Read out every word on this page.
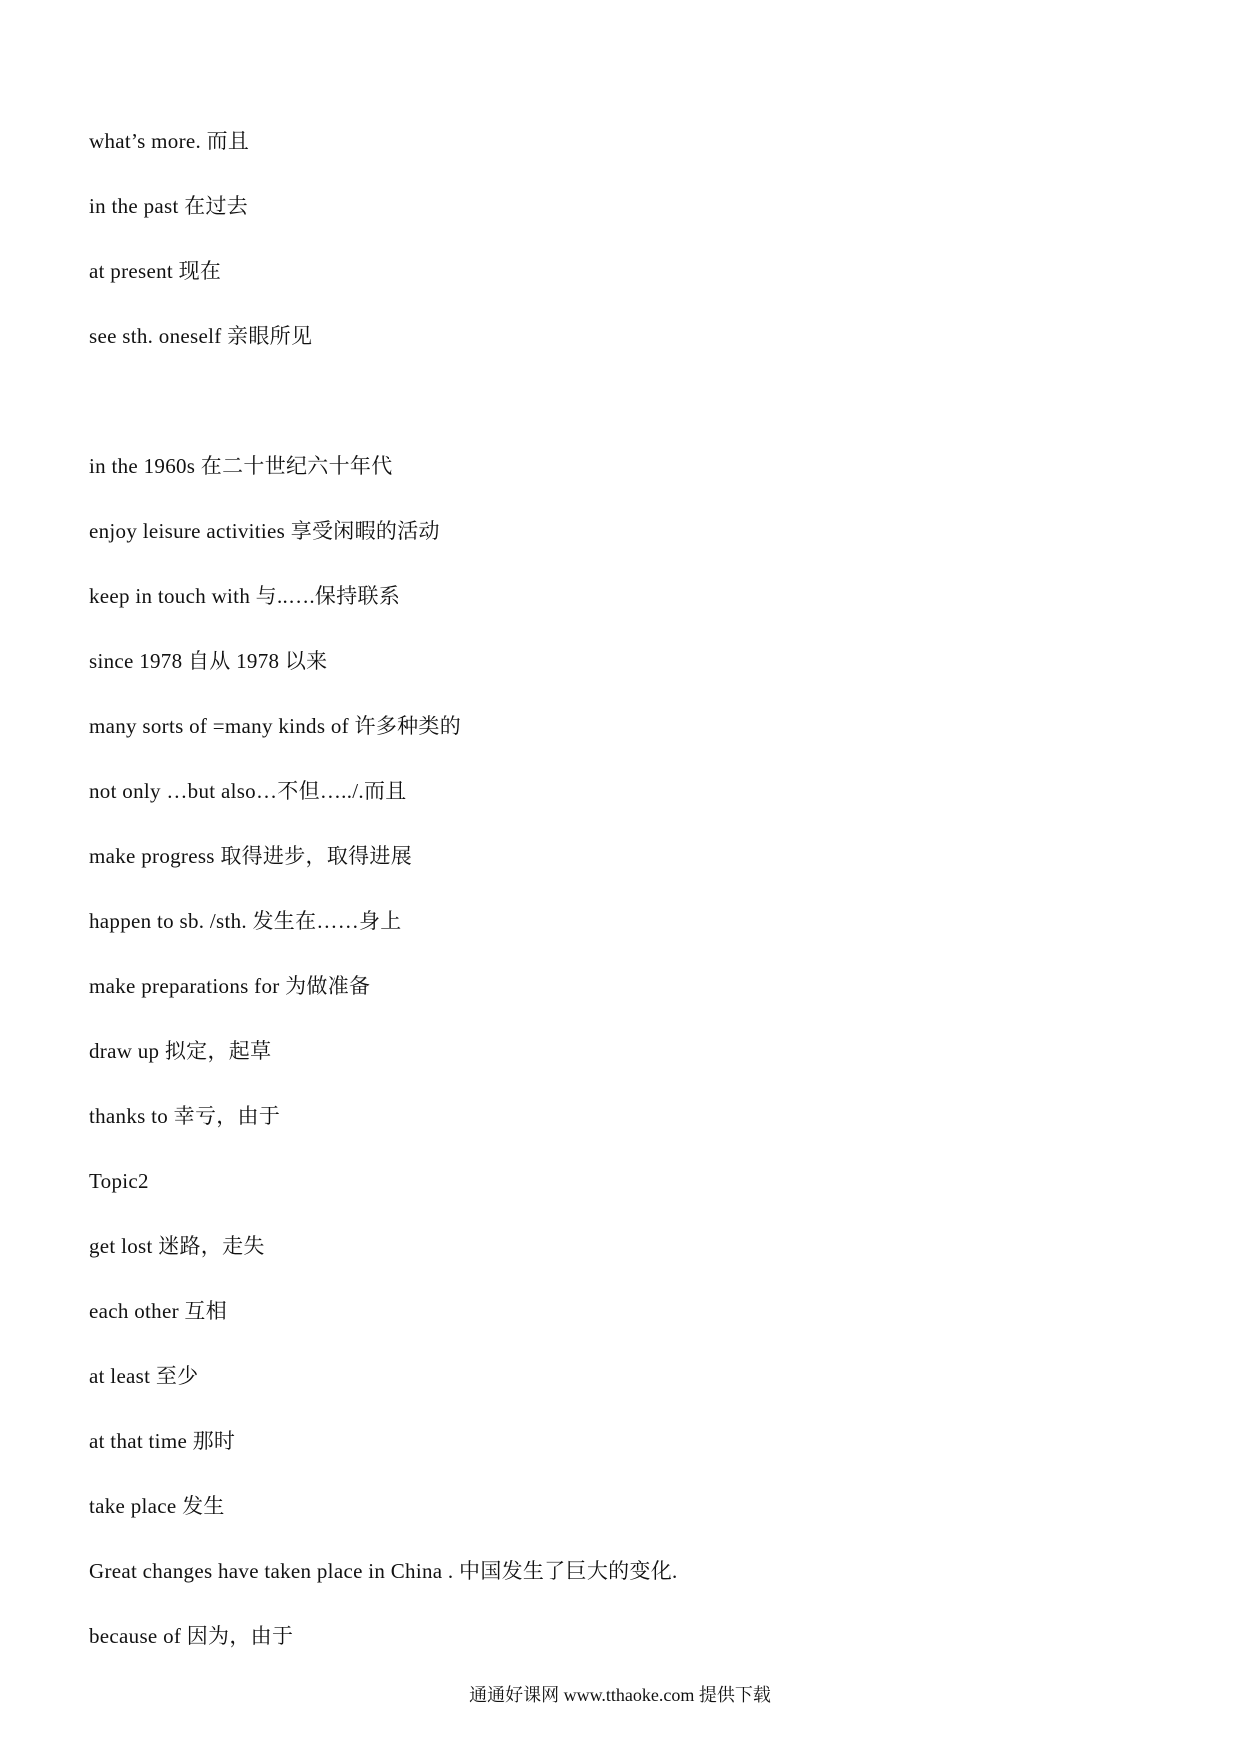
what’s more. 而且
in the past 在过去
at present 现在
see sth. oneself 亲眼所见
in the 1960s 在二十世纪六十年代
enjoy leisure activities 享受闲暇的活动
keep in touch with 与..….保持联系
since 1978 自从 1978 以来
many sorts of =many kinds of 许多种类的
not only …but also…不但…../.而且
make progress 取得进步，取得进展
happen to sb. /sth. 发生在……身上
make preparations for 为做准备
draw up 拟定，起草
thanks to 幸亏，由于
Topic2
get lost 迷路，走失
each other 互相
at least 至少
at that time 那时
take place 发生
Great changes have taken place in China . 中国发生了巨大的变化.
because of 因为，由于
通通好课网 www.tthaoke.com 提供下载
